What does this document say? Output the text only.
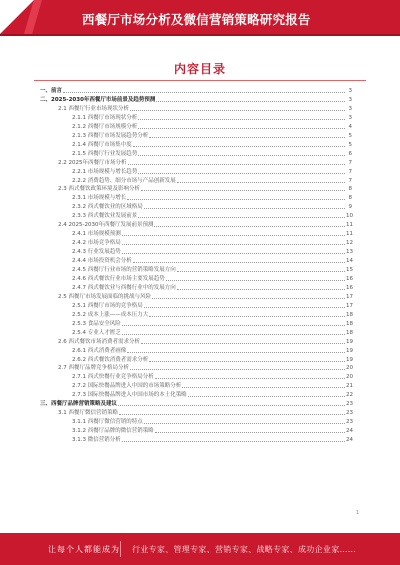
西餐厅市场分析及微信营销策略研究报告
内容目录
一、前言	3
二、2025-2030年西餐厅市场前景及趋势预测	3
2.1 西餐厅行业市场现状分析	3
2.1.1 西餐厅市场现状分析	3
2.1.2 西餐厅市场规模分析	4
2.1.3 西餐厅市场发展趋势分析	5
2.1.4 西餐厅市场集中度	5
2.1.5 西餐厅行业发展趋势	6
2.2 2025年西餐厅市场分析	7
2.2.1 市场规模与增长趋势	7
2.2.2 消费趋势、细分市场与产品创新发展	7
2.3 西式餐饮政策环境及影响分析	8
2.3.1 市场规模与增长	8
2.3.2 西式餐饮业的区域格局	9
2.3.3 西式餐饮业发展前景	10
2.4 2025-2030年西餐厅发展前景预测	11
2.4.1 市场规模预测	11
2.4.2 市场竞争格局	12
2.4.3 行业发展趋势	13
2.4.4 市场投资机会分析	14
2.4.5 西餐厅行业市场的营销策略发展方向	15
2.4.6 西式餐饮行业市场主要发展趋势	16
2.4.7 西式餐饮业与西餐行业中的发展方向	16
2.5 西餐厅市场发展面临的挑战与风险	17
2.5.1 西餐厅市场的竞争格局	17
2.5.2 成本上涨——成本压力大	18
2.5.3 食品安全风险	18
2.5.4 专业人才匮乏	18
2.6 西式餐饮市场消费者需求分析	19
2.6.1 西式消费者画像	19
2.6.2 西式餐饮消费者需求分析	19
2.7 西餐厅品牌竞争格局分析	20
2.7.1 西式快餐行业竞争格局分析	20
2.7.2 国际快餐品牌进入中国的市场策略分析	21
2.7.3 国际快餐品牌进入中国市场的本土化策略	22
三、西餐厅品牌营销策略及建议	23
3.1 西餐厅微信营销策略	23
3.1.1 西餐厅微信营销的特点	23
3.1.2 西餐厅品牌的微信营销策略	24
3.1.3 微信营销分析	24
1
让每个人都能成为 行业专家、管理专家、营销专家、战略专家、成功企业家……
